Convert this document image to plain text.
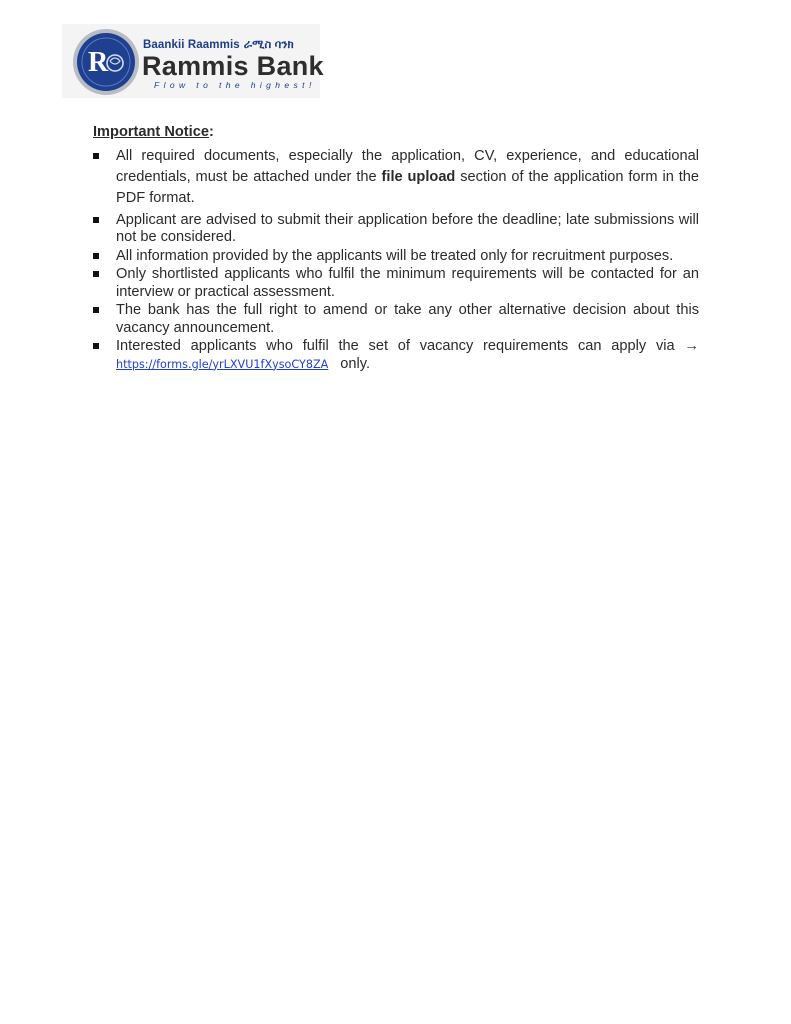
R
Baankii Raammis ራሚስ ባንክ
Rammis Bank
Flow to the highest!
Important Notice:
All required documents, especially the application, CV, experience, and educational credentials, must be attached under the file upload section of the application form in the PDF format.
Applicant are advised to submit their application before the deadline; late submissions will not be considered.
All information provided by the applicants will be treated only for recruitment purposes.
Only shortlisted applicants who fulfil the minimum requirements will be contacted for an interview or practical assessment.
The bank has the full right to amend or take any other alternative decision about this vacancy announcement.
Interested applicants who fulfil the set of vacancy requirements can apply via →
https://forms.gle/yrLXVU1fXysoCY8ZA only.
